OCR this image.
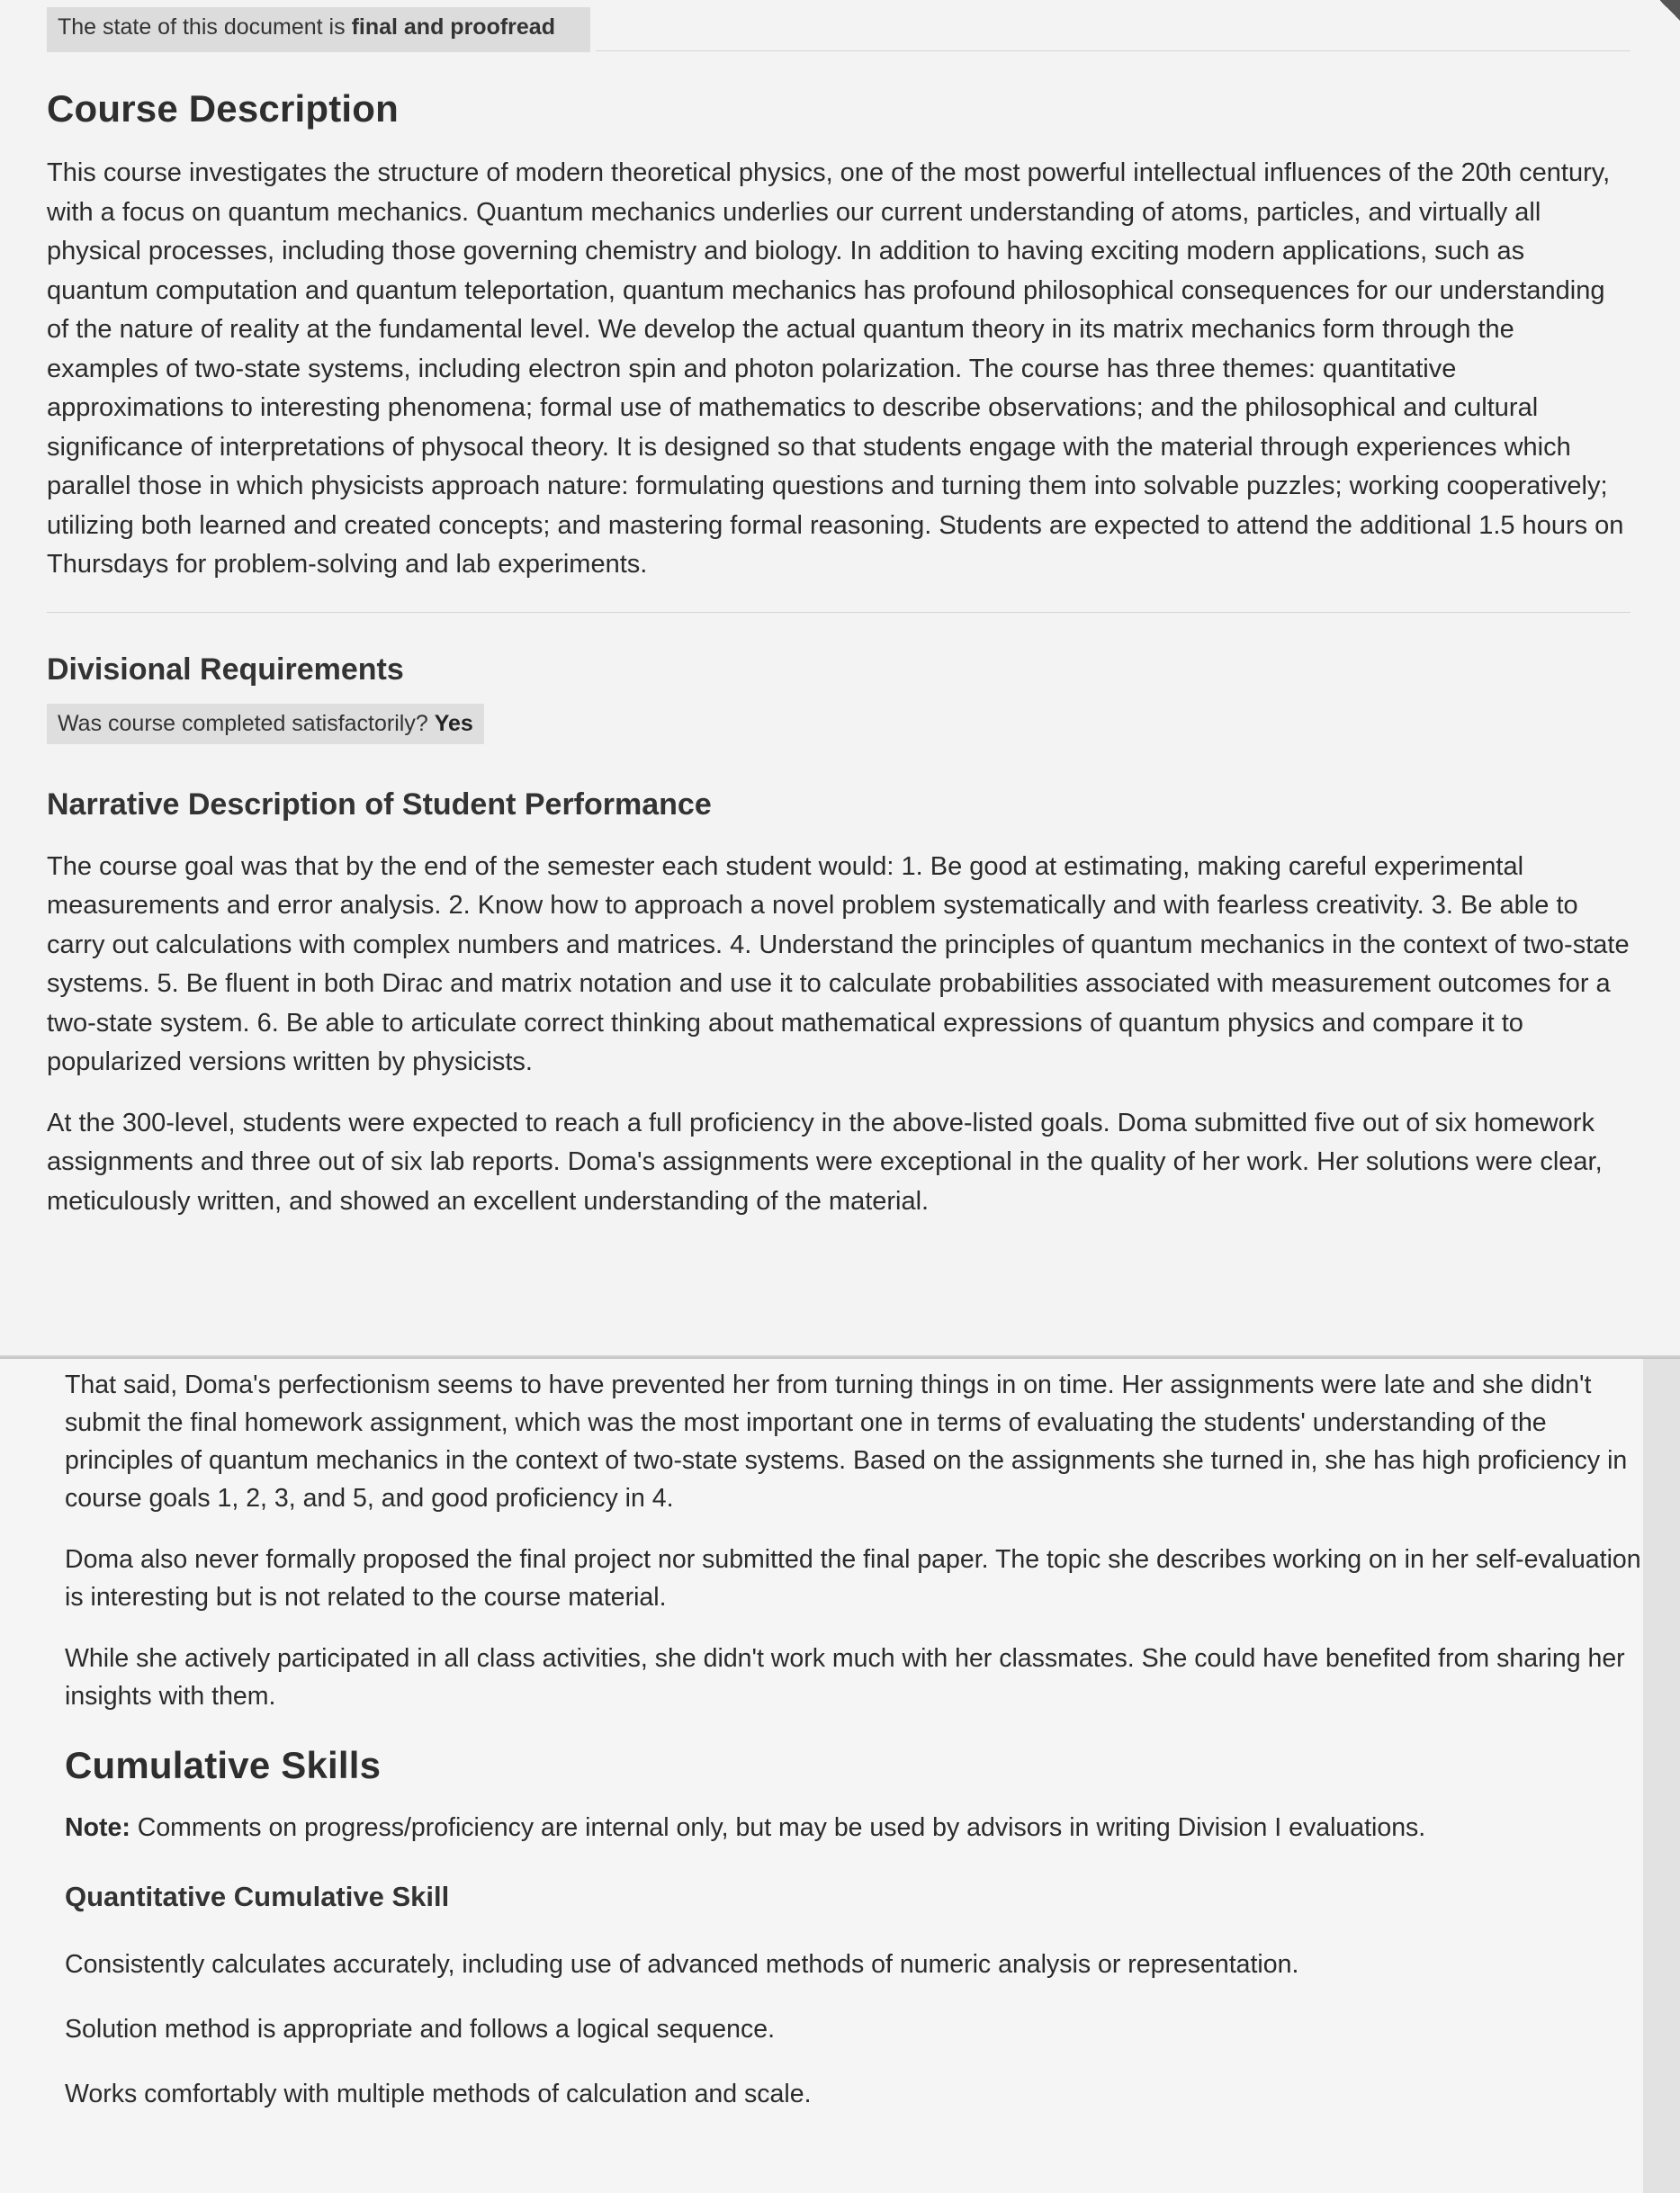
The state of this document is final and proofread
Course Description

This course investigates the structure of modern theoretical physics, one of the most powerful intellectual influences of the 20th century, with a focus on quantum mechanics. Quantum mechanics underlies our current understanding of atoms, particles, and virtually all physical processes, including those governing chemistry and biology. In addition to having exciting modern applications, such as quantum computation and quantum teleportation, quantum mechanics has profound philosophical consequences for our understanding of the nature of reality at the fundamental level. We develop the actual quantum theory in its matrix mechanics form through the examples of two-state systems, including electron spin and photon polarization. The course has three themes: quantitative approximations to interesting phenomena; formal use of mathematics to describe observations; and the philosophical and cultural significance of interpretations of physocal theory. It is designed so that students engage with the material through experiences which parallel those in which physicists approach nature: formulating questions and turning them into solvable puzzles; working cooperatively; utilizing both learned and created concepts; and mastering formal reasoning. Students are expected to attend the additional 1.5 hours on Thursdays for problem-solving and lab experiments.

Divisional Requirements
Was course completed satisfactorily? Yes
Narrative Description of Student Performance

The course goal was that by the end of the semester each student would: 1. Be good at estimating, making careful experimental measurements and error analysis. 2. Know how to approach a novel problem systematically and with fearless creativity. 3. Be able to carry out calculations with complex numbers and matrices. 4. Understand the principles of quantum mechanics in the context of two-state systems. 5. Be fluent in both Dirac and matrix notation and use it to calculate probabilities associated with measurement outcomes for a two-state system. 6. Be able to articulate correct thinking about mathematical expressions of quantum physics and compare it to popularized versions written by physicists.

At the 300-level, students were expected to reach a full proficiency in the above-listed goals. Doma submitted five out of six homework assignments and three out of six lab reports. Doma's assignments were exceptional in the quality of her work. Her solutions were clear, meticulously written, and showed an excellent understanding of the material.

That said, Doma's perfectionism seems to have prevented her from turning things in on time. Her assignments were late and she didn't submit the final homework assignment, which was the most important one in terms of evaluating the students' understanding of the principles of quantum mechanics in the context of two-state systems. Based on the assignments she turned in, she has high proficiency in course goals 1, 2, 3, and 5, and good proficiency in 4.

Doma also never formally proposed the final project nor submitted the final paper. The topic she describes working on in her self-evaluation is interesting but is not related to the course material.

While she actively participated in all class activities, she didn't work much with her classmates. She could have benefited from sharing her insights with them.

Cumulative Skills

Note: Comments on progress/proficiency are internal only, but may be used by advisors in writing Division I evaluations.

Quantitative Cumulative Skill

Consistently calculates accurately, including use of advanced methods of numeric analysis or representation.

Solution method is appropriate and follows a logical sequence.

Works comfortably with multiple methods of calculation and scale.
